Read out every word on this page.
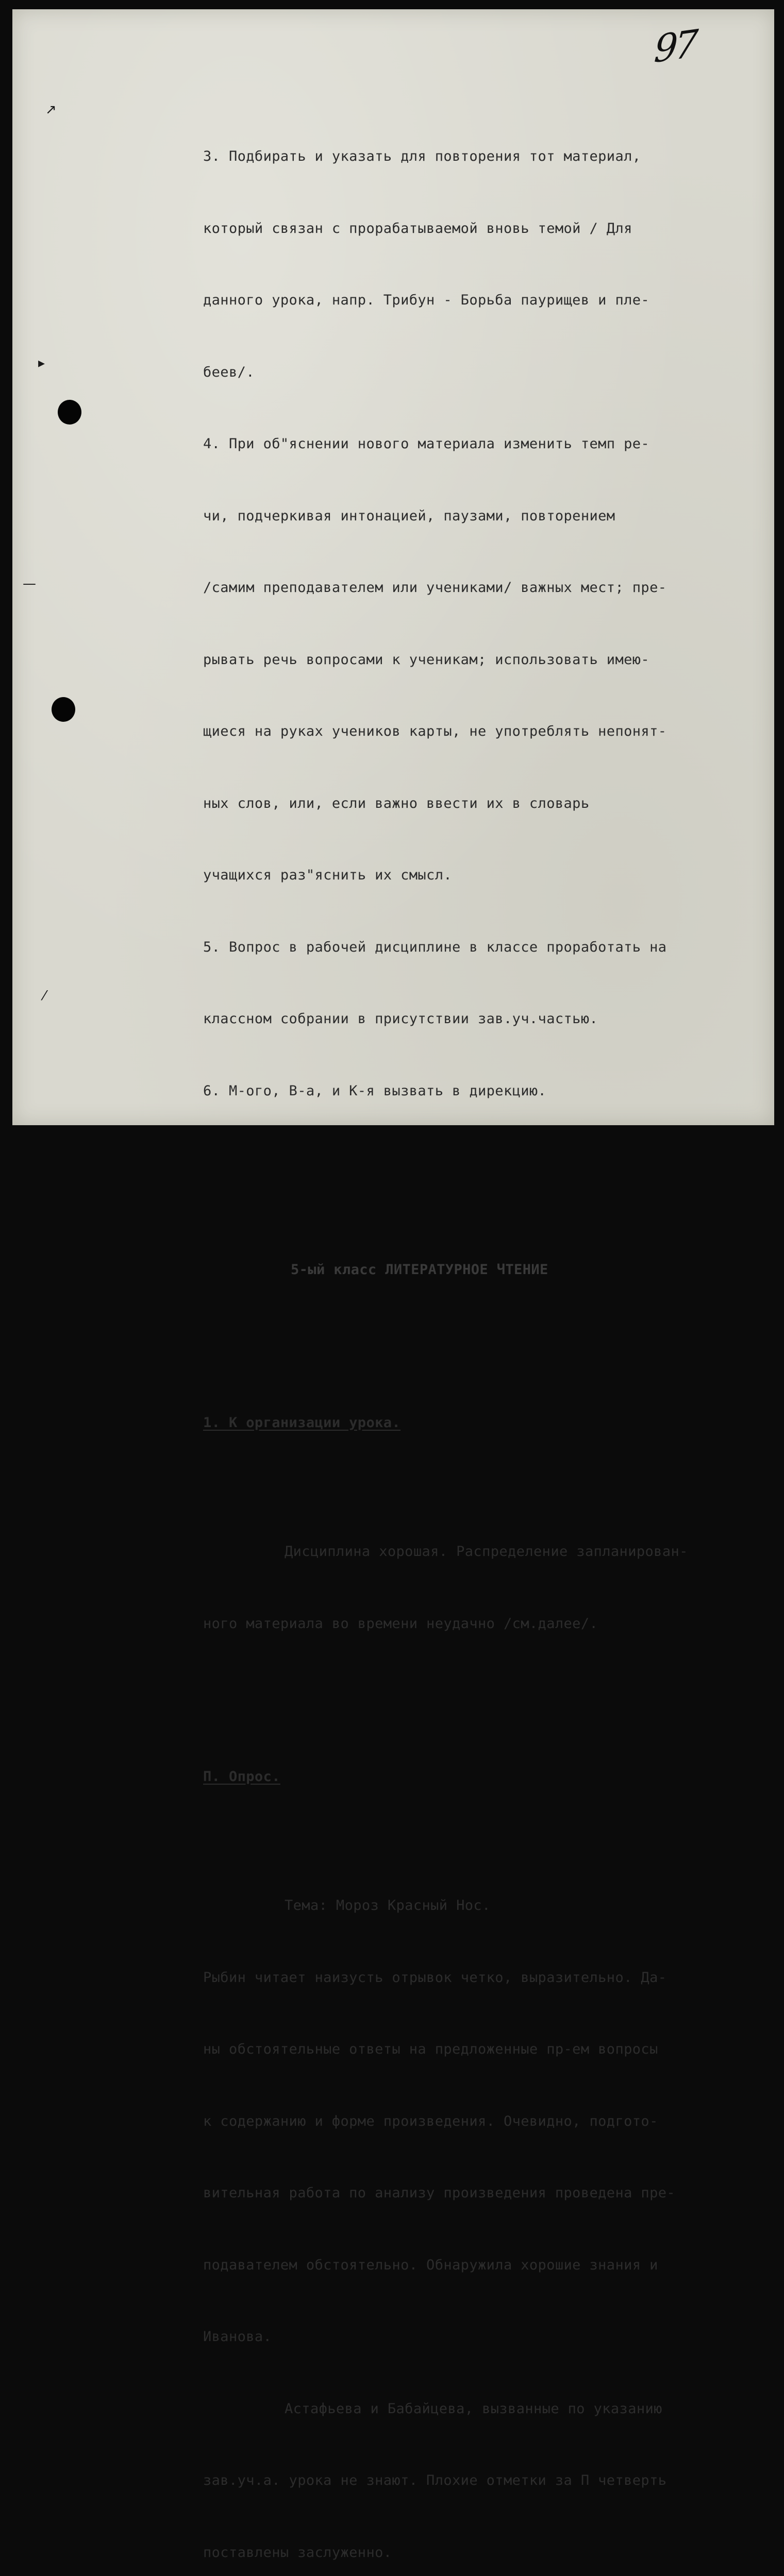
97
↗
▸
—
⁄

3. Подбирать и указать для повторения тот материал,

который связан с прорабатываемой вновь темой / Для

данного урока, напр. Трибун - Борьба паурищев и пле-

беев/.

4. При об"яснении нового материала изменить темп ре-

чи, подчеркивая интонацией, паузами, повторением

/самим преподавателем или учениками/ важных мест; пре-

рывать речь вопросами к ученикам; использовать имею-

щиеся на руках учеников карты, не употреблять непонят-

ных слов, или, если важно ввести их в словарь

учащихся раз"яснить их смысл.

5. Вопрос в рабочей дисциплине в классе проработать на

классном собрании в присутствии зав.уч.частью.

6. М-ого, В-а, и К-я вызвать в дирекцию.

5-ый класс ЛИТЕРАТУРНОЕ ЧТЕНИЕ

1. К организации урока.

Дисциплина хорошая. Распределение запланирован-

ного материала во времени неудачно /см.далее/.

П. Опрос.

Тема: Мороз Красный Нос.

Рыбин читает наизусть отрывок четко, выразительно. Да-

ны обстоятельные ответы на предложенные пр-ем вопросы

к содержанию и форме произведения. Очевидно, подгото-

вительная работа по анализу произведения проведена пре-

подавателем обстоятельно. Обнаружила хорошие знания и

Иванова.

Астафьева и Бабайцева, вызванные по указанию

зав.уч.а. урока не знают. Плохие отметки за П четверть

поставлены заслуженно.
